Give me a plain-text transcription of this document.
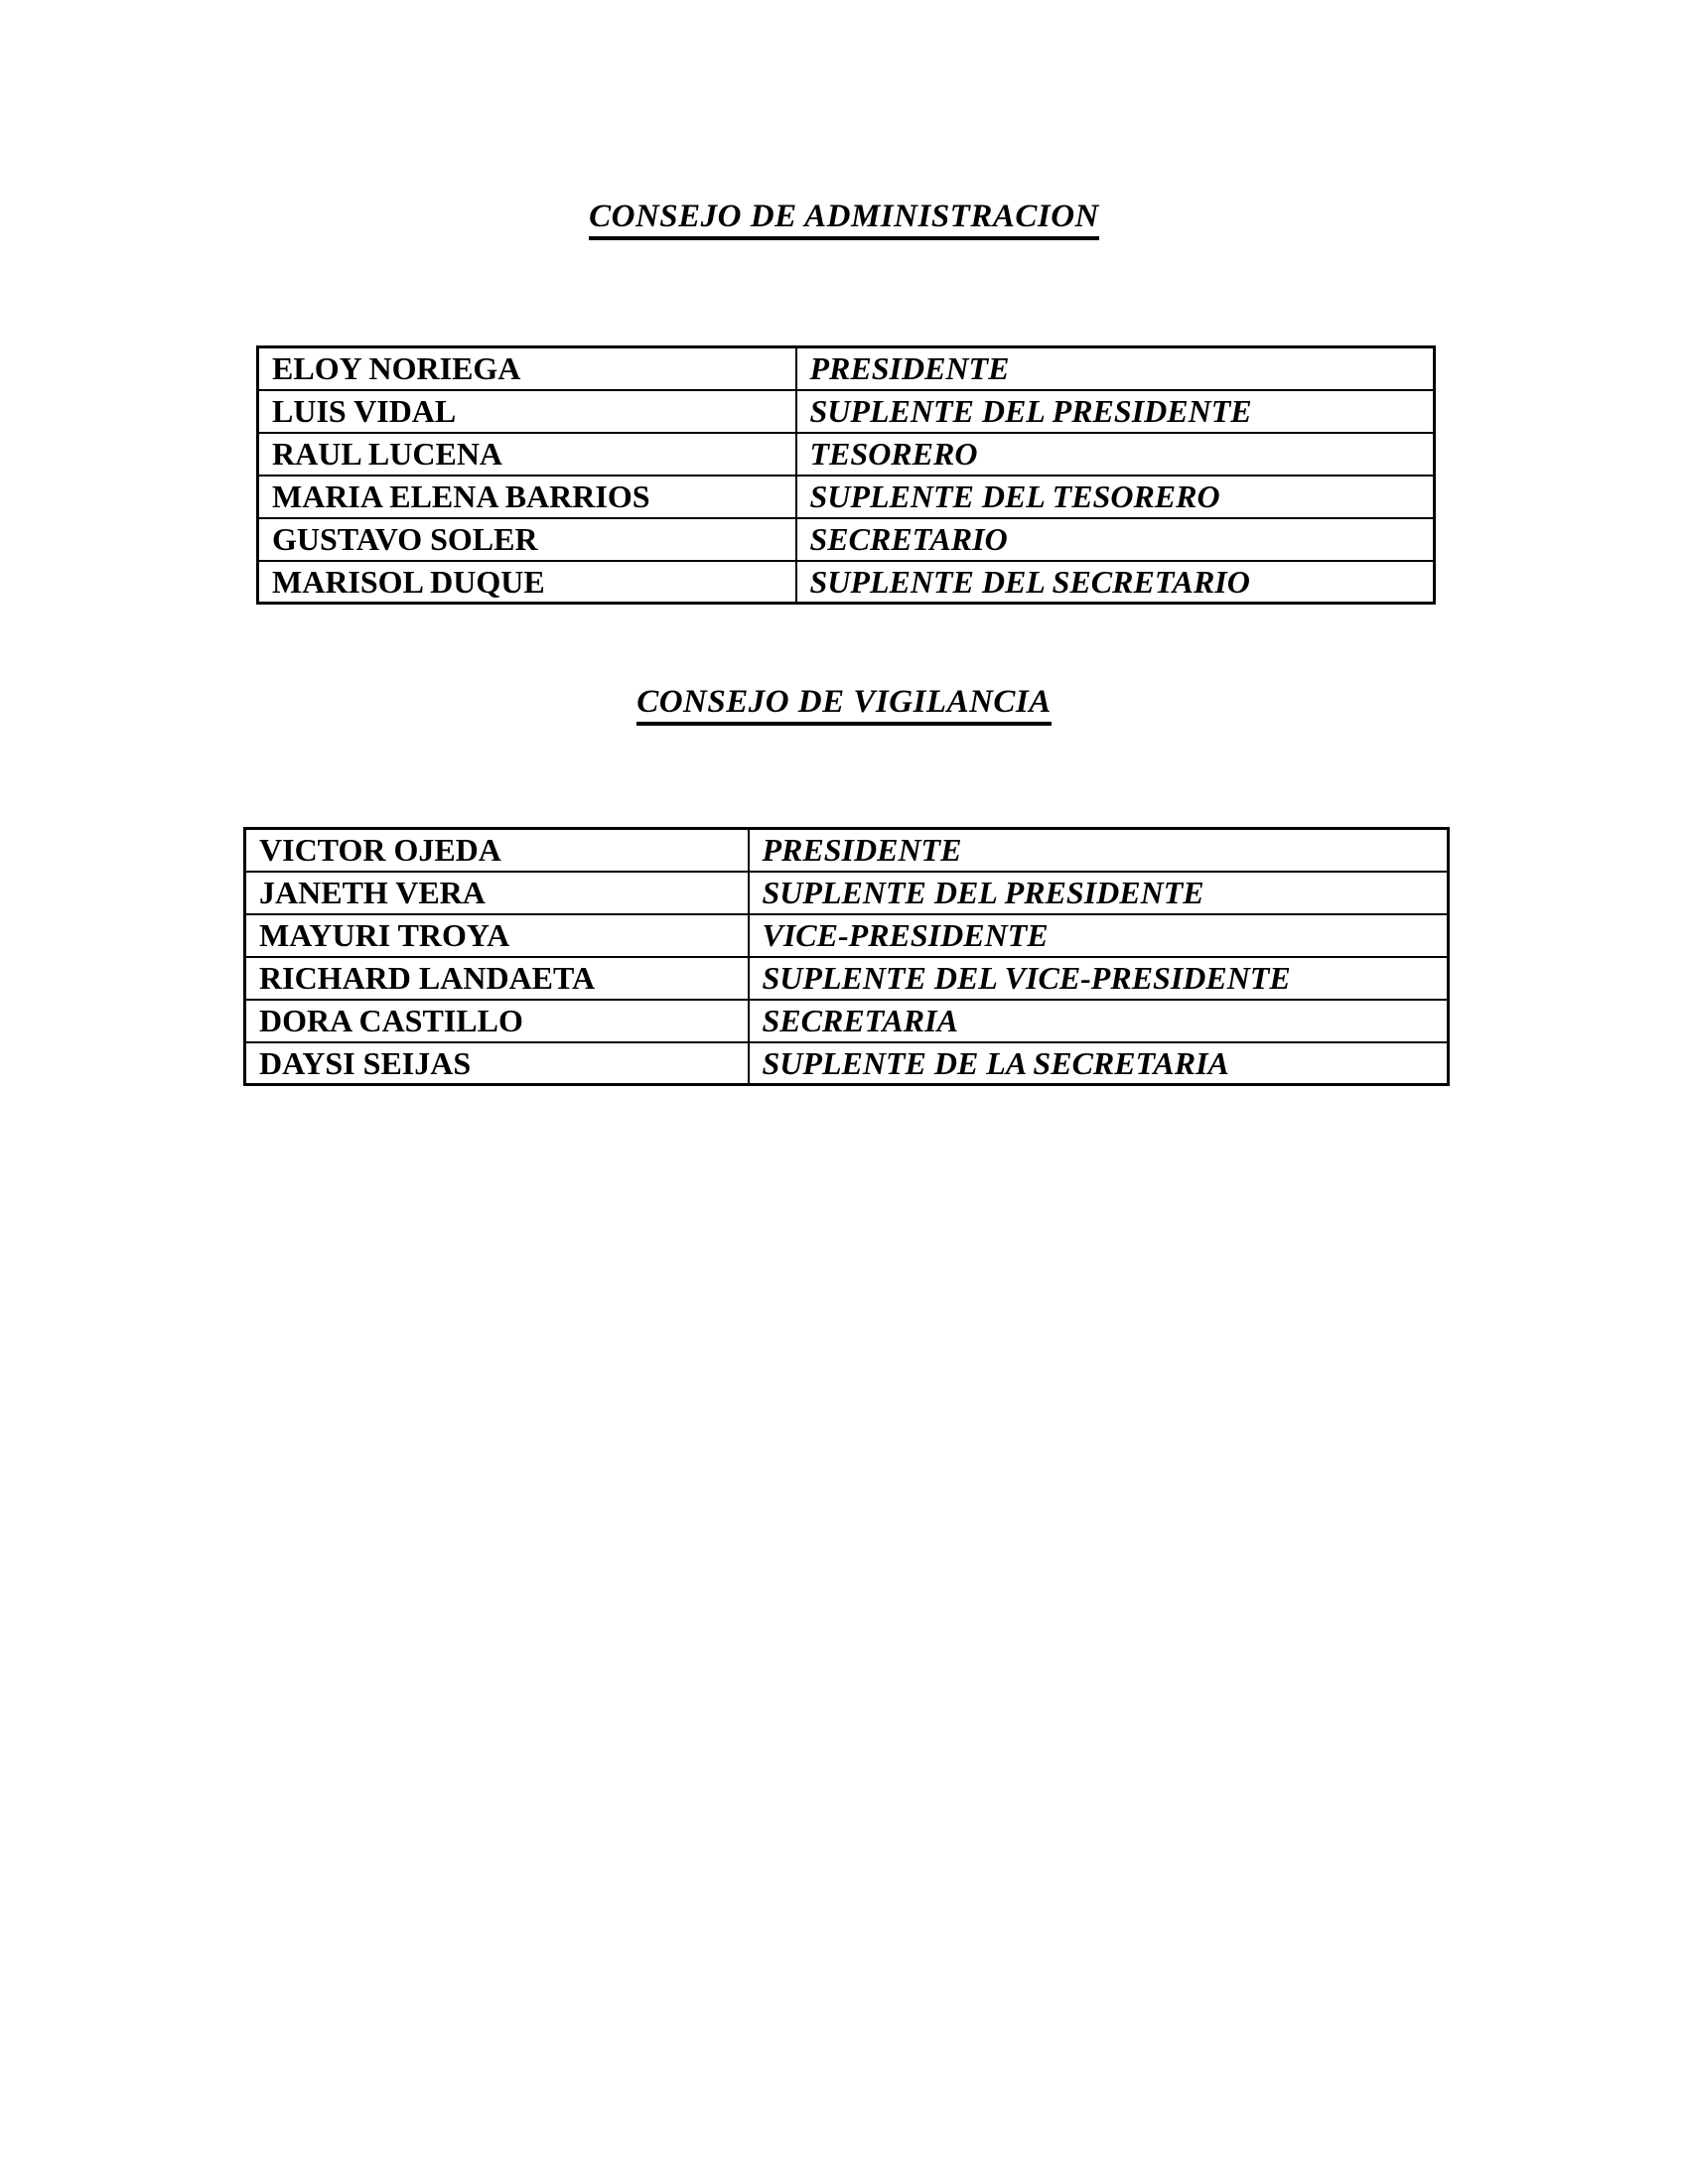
CONSEJO DE ADMINISTRACION
ELOY NORIEGA	PRESIDENTE
LUIS VIDAL	SUPLENTE DEL PRESIDENTE
RAUL LUCENA	TESORERO
MARIA ELENA BARRIOS	SUPLENTE DEL TESORERO
GUSTAVO SOLER	SECRETARIO
MARISOL DUQUE	SUPLENTE DEL SECRETARIO
CONSEJO DE VIGILANCIA
VICTOR OJEDA	PRESIDENTE
JANETH VERA	SUPLENTE DEL PRESIDENTE
MAYURI TROYA	VICE-PRESIDENTE
RICHARD LANDAETA	SUPLENTE DEL VICE-PRESIDENTE
DORA CASTILLO	SECRETARIA
DAYSI SEIJAS	SUPLENTE DE LA SECRETARIA
